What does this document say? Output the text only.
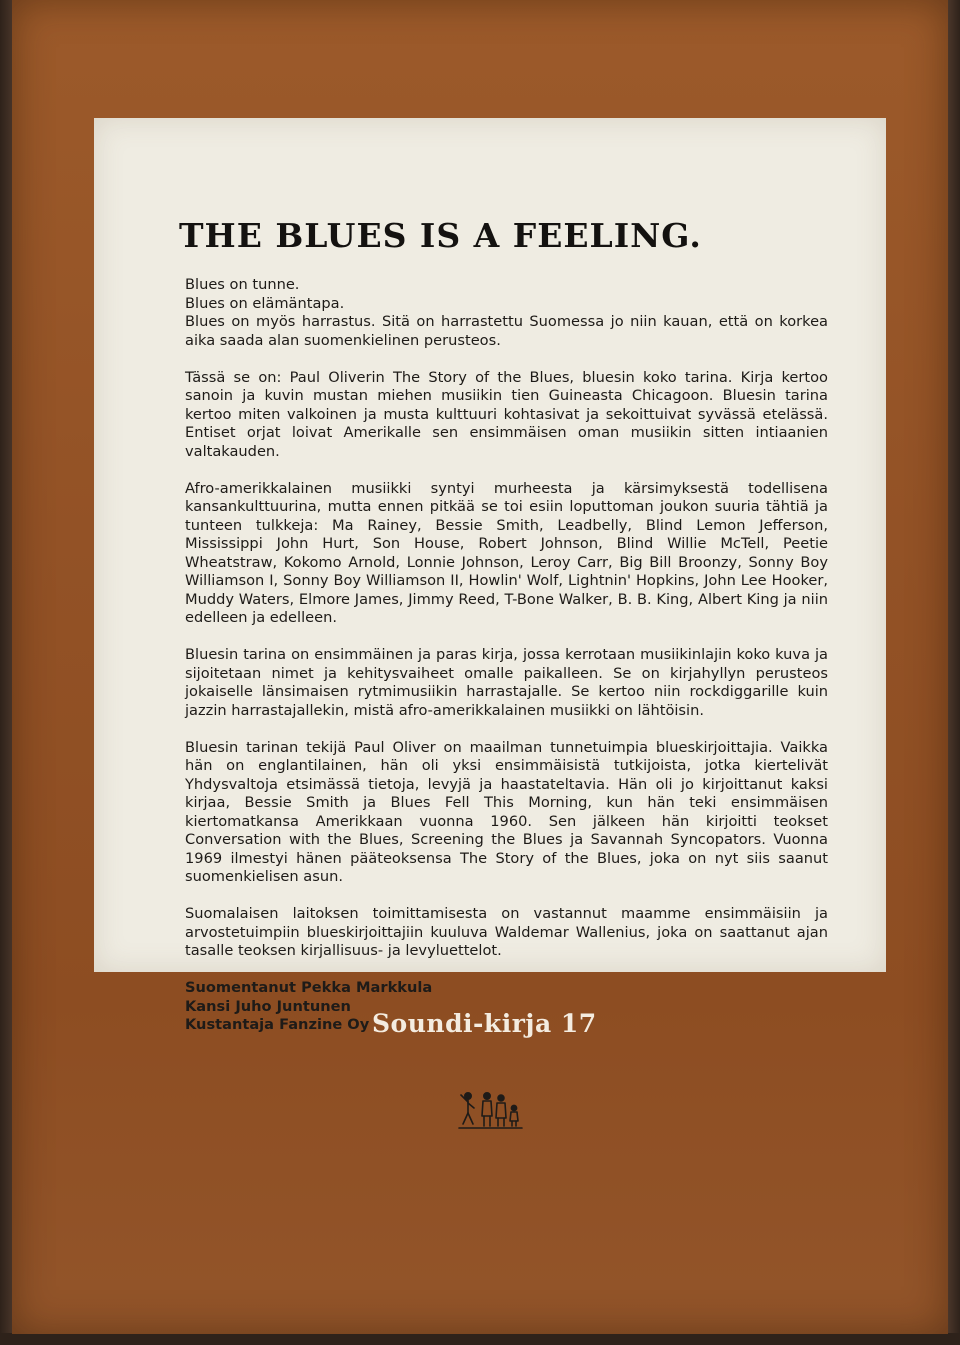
THE BLUES IS A FEELING.

Blues on tunne.

Blues on elämäntapa.

Blues on myös harrastus. Sitä on harrastettu Suomessa jo niin kauan, että on korkea aika saada alan suomenkielinen perusteos.

Tässä se on: Paul Oliverin The Story of the Blues, bluesin koko tarina. Kirja kertoo sanoin ja kuvin mustan miehen musiikin tien Guineasta Chicagoon. Bluesin tarina kertoo miten valkoinen ja musta kulttuuri kohtasivat ja sekoittuivat syvässä etelässä. Entiset orjat loivat Amerikalle sen ensimmäisen oman musiikin sitten intiaanien valtakauden.

Afro-amerikkalainen musiikki syntyi murheesta ja kärsimyksestä todellisena kansankulttuurina, mutta ennen pitkää se toi esiin loputtoman joukon suuria tähtiä ja tunteen tulkkeja: Ma Rainey, Bessie Smith, Leadbelly, Blind Lemon Jefferson, Mississippi John Hurt, Son House, Robert Johnson, Blind Willie McTell, Peetie Wheatstraw, Kokomo Arnold, Lonnie Johnson, Leroy Carr, Big Bill Broonzy, Sonny Boy Williamson I, Sonny Boy Williamson II, Howlin' Wolf, Lightnin' Hopkins, John Lee Hooker, Muddy Waters, Elmore James, Jimmy Reed, T-Bone Walker, B. B. King, Albert King ja niin edelleen ja edelleen.

Bluesin tarina on ensimmäinen ja paras kirja, jossa kerrotaan musiikinlajin koko kuva ja sijoitetaan nimet ja kehitysvaiheet omalle paikalleen. Se on kirjahyllyn perusteos jokaiselle länsimaisen rytmimusiikin harrastajalle. Se kertoo niin rockdiggarille kuin jazzin harrastajallekin, mistä afro-amerikkalainen musiikki on lähtöisin.

Bluesin tarinan tekijä Paul Oliver on maailman tunnetuimpia blueskirjoittajia. Vaikka hän on englantilainen, hän oli yksi ensimmäisistä tutkijoista, jotka kiertelivät Yhdysvaltoja etsimässä tietoja, levyjä ja haastateltavia. Hän oli jo kirjoittanut kaksi kirjaa, Bessie Smith ja Blues Fell This Morning, kun hän teki ensimmäisen kiertomatkansa Amerikkaan vuonna 1960. Sen jälkeen hän kirjoitti teokset Conversation with the Blues, Screening the Blues ja Savannah Syncopators. Vuonna 1969 ilmestyi hänen pääteoksensa The Story of the Blues, joka on nyt siis saanut suomenkielisen asun.

Suomalaisen laitoksen toimittamisesta on vastannut maamme ensimmäisiin ja arvostetuimpiin blueskirjoittajiin kuuluva Waldemar Wallenius, joka on saattanut ajan tasalle teoksen kirjallisuus- ja levyluettelot.

Suomentanut Pekka Markkula

Kansi Juho Juntunen

Kustantaja Fanzine Oy Soundi-kirja 17
